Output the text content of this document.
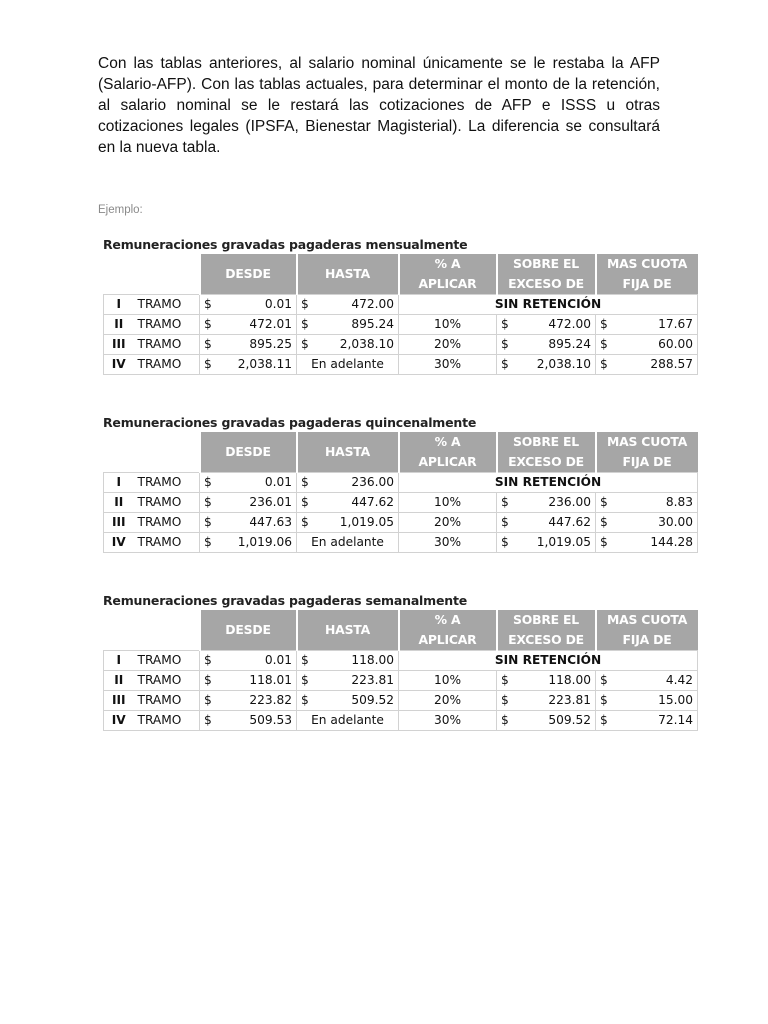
Con las tablas anteriores, al salario nominal únicamente se le restaba la AFP (Salario-AFP). Con las tablas actuales, para determinar el monto de la retención, al salario nominal se le restará las cotizaciones de AFP e ISSS u otras cotizaciones legales (IPSFA, Bienestar Magisterial). La diferencia se consultará en la nueva tabla.

Ejemplo:

Remuneraciones gravadas pagaderas mensualmente
		DESDE		HASTA		% A	SOBRE EL		MAS CUOTA	
						APLICAR	EXCESO DE		FIJA DE	
I	TRAMO	$	0.01	$	472.00	SIN RETENCIÓN				
II	TRAMO	$	472.01	$	895.24	10%	$	472.00	$	17.67
III	TRAMO	$	895.25	$	2,038.10	20%	$	895.24	$	60.00
IV	TRAMO	$	2,038.11	En adelante		30%	$	2,038.10	$	288.57
Remuneraciones gravadas pagaderas quincenalmente
		DESDE		HASTA		% A	SOBRE EL		MAS CUOTA	
						APLICAR	EXCESO DE		FIJA DE	
I	TRAMO	$	0.01	$	236.00	SIN RETENCIÓN				
II	TRAMO	$	236.01	$	447.62	10%	$	236.00	$	8.83
III	TRAMO	$	447.63	$	1,019.05	20%	$	447.62	$	30.00
IV	TRAMO	$	1,019.06	En adelante		30%	$	1,019.05	$	144.28
Remuneraciones gravadas pagaderas semanalmente
		DESDE		HASTA		% A	SOBRE EL		MAS CUOTA	
						APLICAR	EXCESO DE		FIJA DE	
I	TRAMO	$	0.01	$	118.00	SIN RETENCIÓN				
II	TRAMO	$	118.01	$	223.81	10%	$	118.00	$	4.42
III	TRAMO	$	223.82	$	509.52	20%	$	223.81	$	15.00
IV	TRAMO	$	509.53	En adelante		30%	$	509.52	$	72.14
